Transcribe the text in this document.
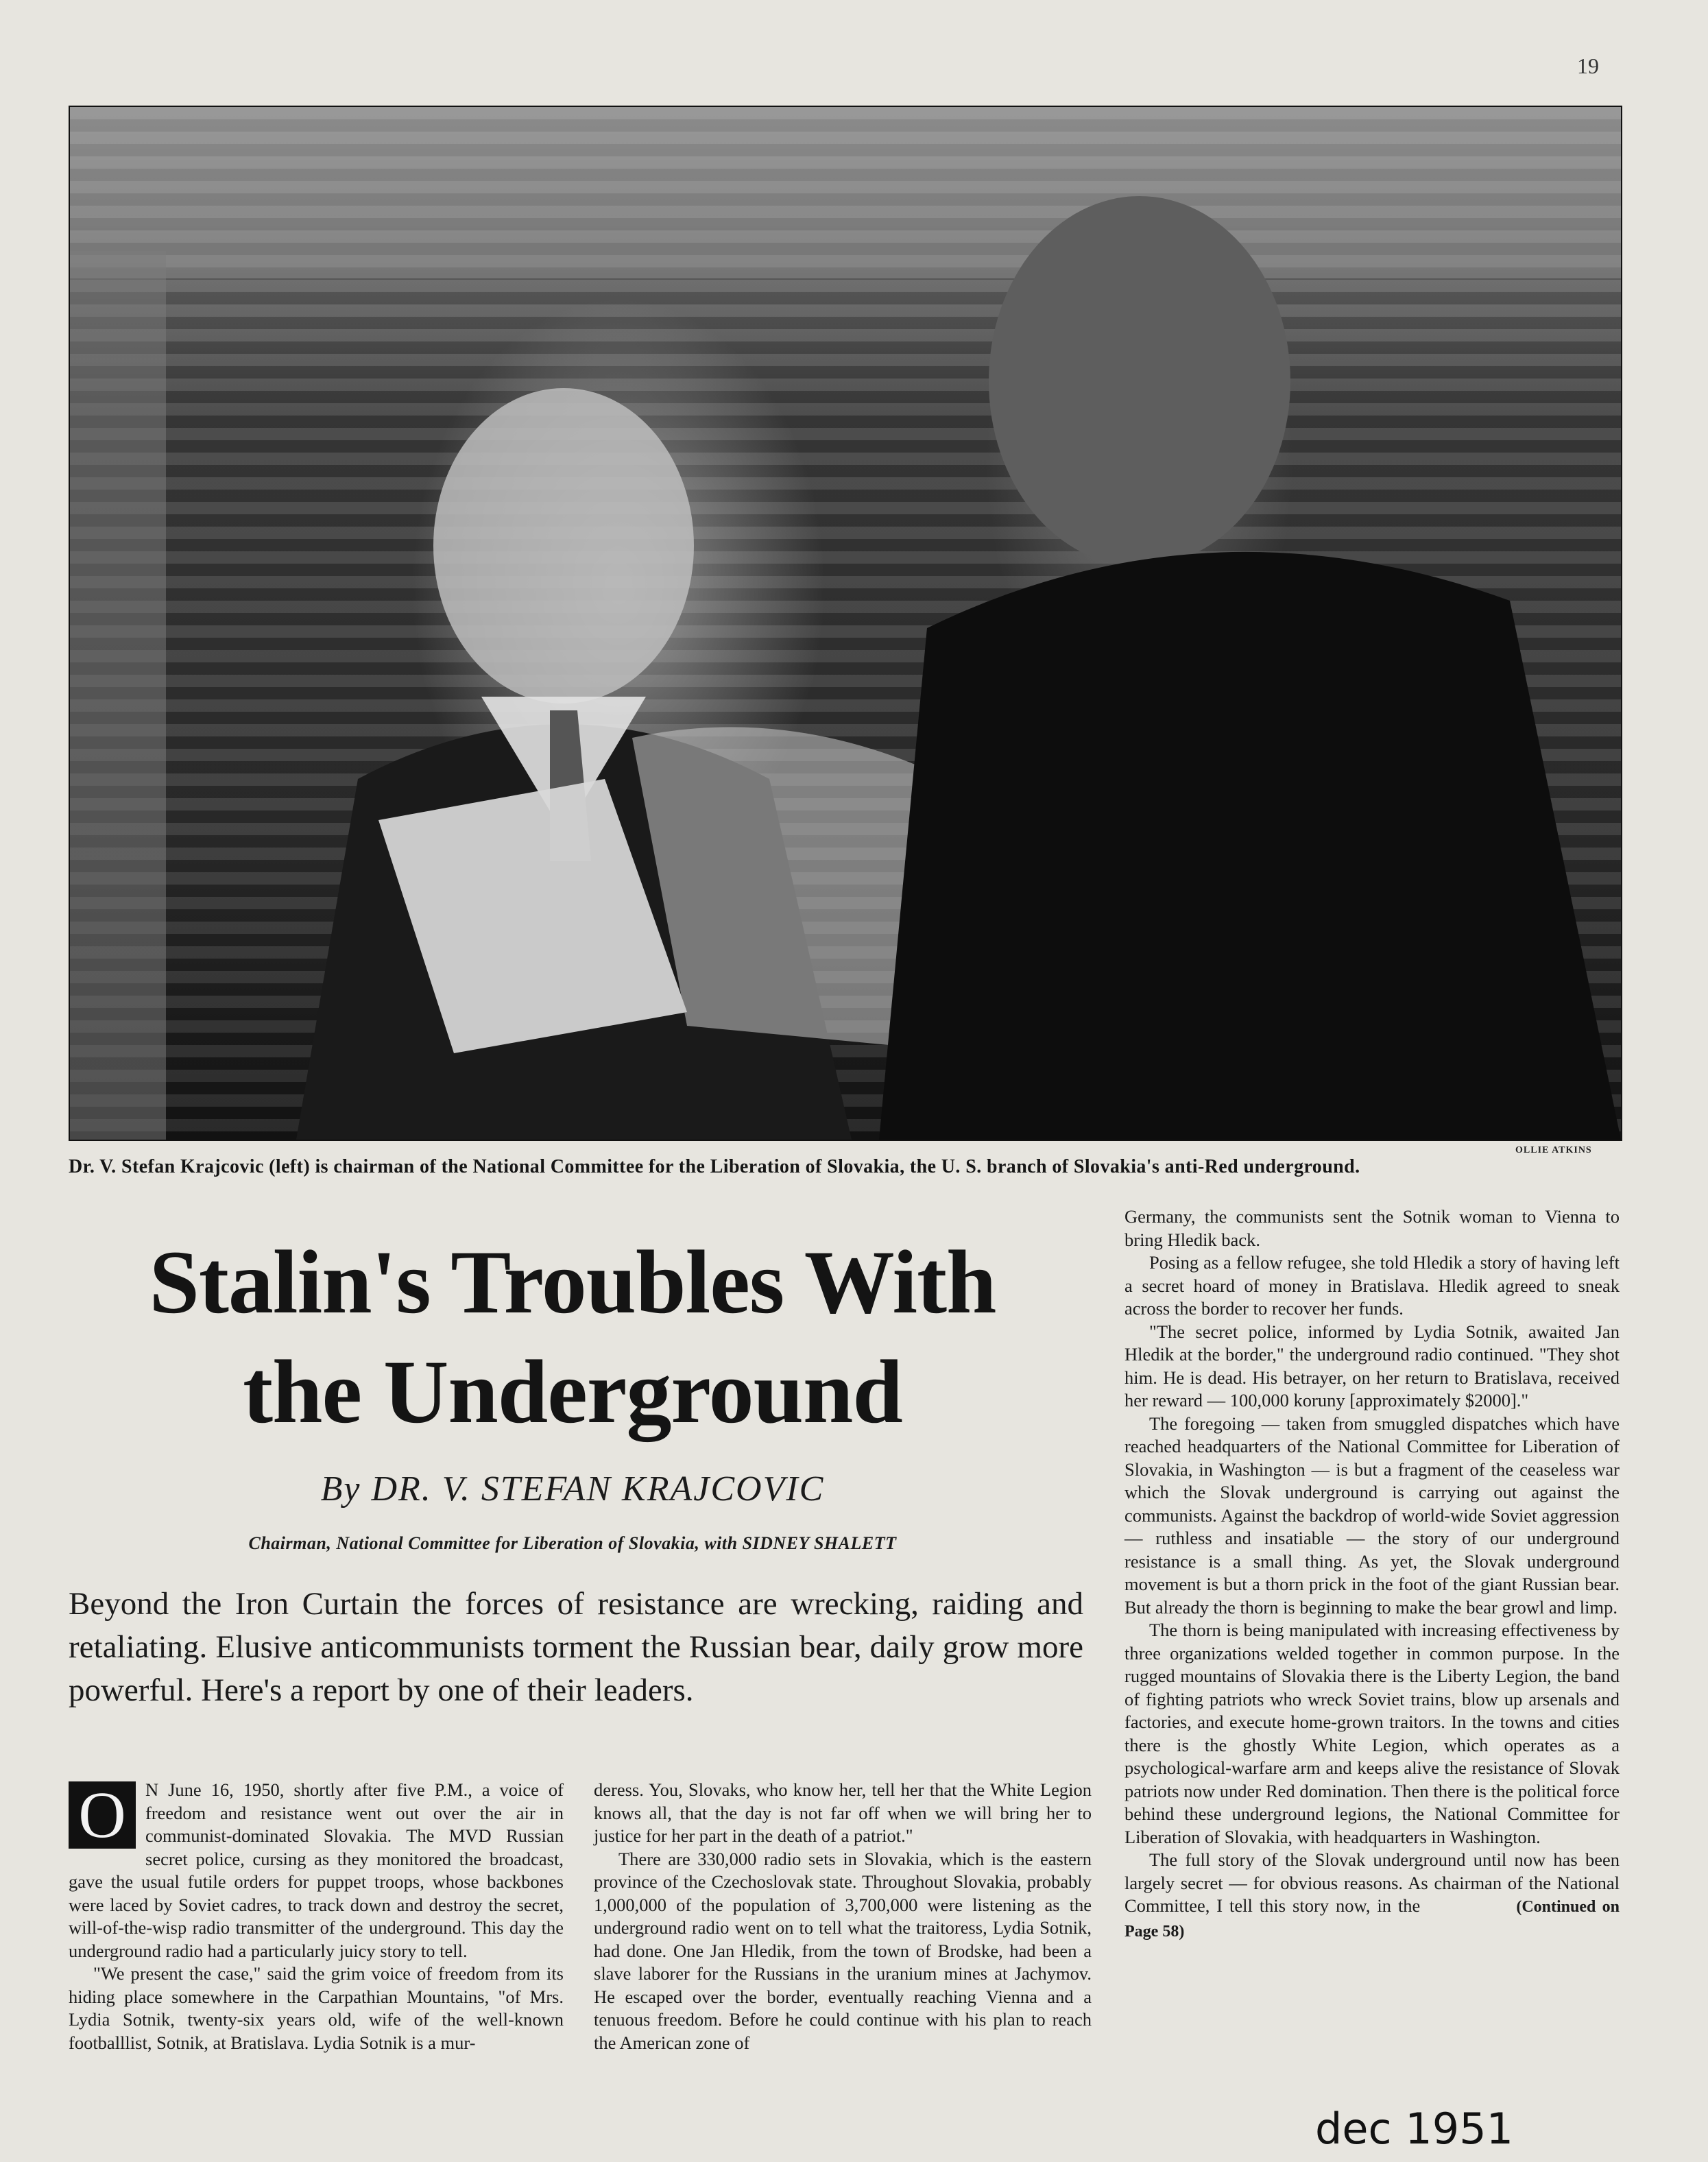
19
OLLIE ATKINS
Dr. V. Stefan Krajcovic (left) is chairman of the National Committee for the Liberation of Slovakia, the U. S. branch of Slovakia's anti-Red underground.
Stalin's Troubles With
the Underground
By DR. V. STEFAN KRAJCOVIC
Chairman, National Committee for Liberation of Slovakia, with SIDNEY SHALETT
Beyond the Iron Curtain the forces of resistance are wrecking, raiding and retaliating. Elusive anticommunists torment the Russian bear, daily grow more powerful. Here's a report by one of their leaders.
O	N June 16, 1950, shortly after five P.M., a voice of freedom and resistance went out over the air in communist-dominated Slovakia. The MVD Russian secret police, cursing as they monitored the broadcast, gave the usual futile orders for puppet troops, whose backbones were laced by Soviet cadres, to track down and destroy the secret, will-of-the-wisp radio transmitter of the underground. This day the underground radio had a particularly juicy story to tell.

"We present the case," said the grim voice of freedom from its hiding place somewhere in the Carpathian Mountains, "of Mrs. Lydia Sotnik, twenty-six years old, wife of the well-known footballlist, Sotnik, at Bratislava. Lydia Sotnik is a mur-

deress. You, Slovaks, who know her, tell her that the White Legion knows all, that the day is not far off when we will bring her to justice for her part in the death of a patriot."

There are 330,000 radio sets in Slovakia, which is the eastern province of the Czechoslovak state. Throughout Slovakia, probably 1,000,000 of the population of 3,700,000 were listening as the underground radio went on to tell what the traitoress, Lydia Sotnik, had done. One Jan Hledik, from the town of Brodske, had been a slave laborer for the Russians in the uranium mines at Jachymov. He escaped over the border, eventually reaching Vienna and a tenuous freedom. Before he could continue with his plan to reach the American zone of

Germany, the communists sent the Sotnik woman to Vienna to bring Hledik back.

Posing as a fellow refugee, she told Hledik a story of having left a secret hoard of money in Bratislava. Hledik agreed to sneak across the border to recover her funds.

"The secret police, informed by Lydia Sotnik, awaited Jan Hledik at the border," the underground radio continued. "They shot him. He is dead. His betrayer, on her return to Bratislava, received her reward — 100,000 koruny [approximately $2000]."

The foregoing — taken from smuggled dispatches which have reached headquarters of the National Committee for Liberation of Slovakia, in Washington — is but a fragment of the ceaseless war which the Slovak underground is carrying out against the communists. Against the backdrop of world-wide Soviet aggression — ruthless and insatiable — the story of our underground resistance is a small thing. As yet, the Slovak underground movement is but a thorn prick in the foot of the giant Russian bear. But already the thorn is beginning to make the bear growl and limp.

The thorn is being manipulated with increasing effectiveness by three organizations welded together in common purpose. In the rugged mountains of Slovakia there is the Liberty Legion, the band of fighting patriots who wreck Soviet trains, blow up arsenals and factories, and execute home-grown traitors. In the towns and cities there is the ghostly White Legion, which operates as a psychological-warfare arm and keeps alive the resistance of Slovak patriots now under Red domination. Then there is the political force behind these underground legions, the National Committee for Liberation of Slovakia, with headquarters in Washington.

The full story of the Slovak underground until now has been largely secret — for obvious reasons. As chairman of the National Committee, I tell this story now, in the	(Continued on Page 58)

dec 1951
